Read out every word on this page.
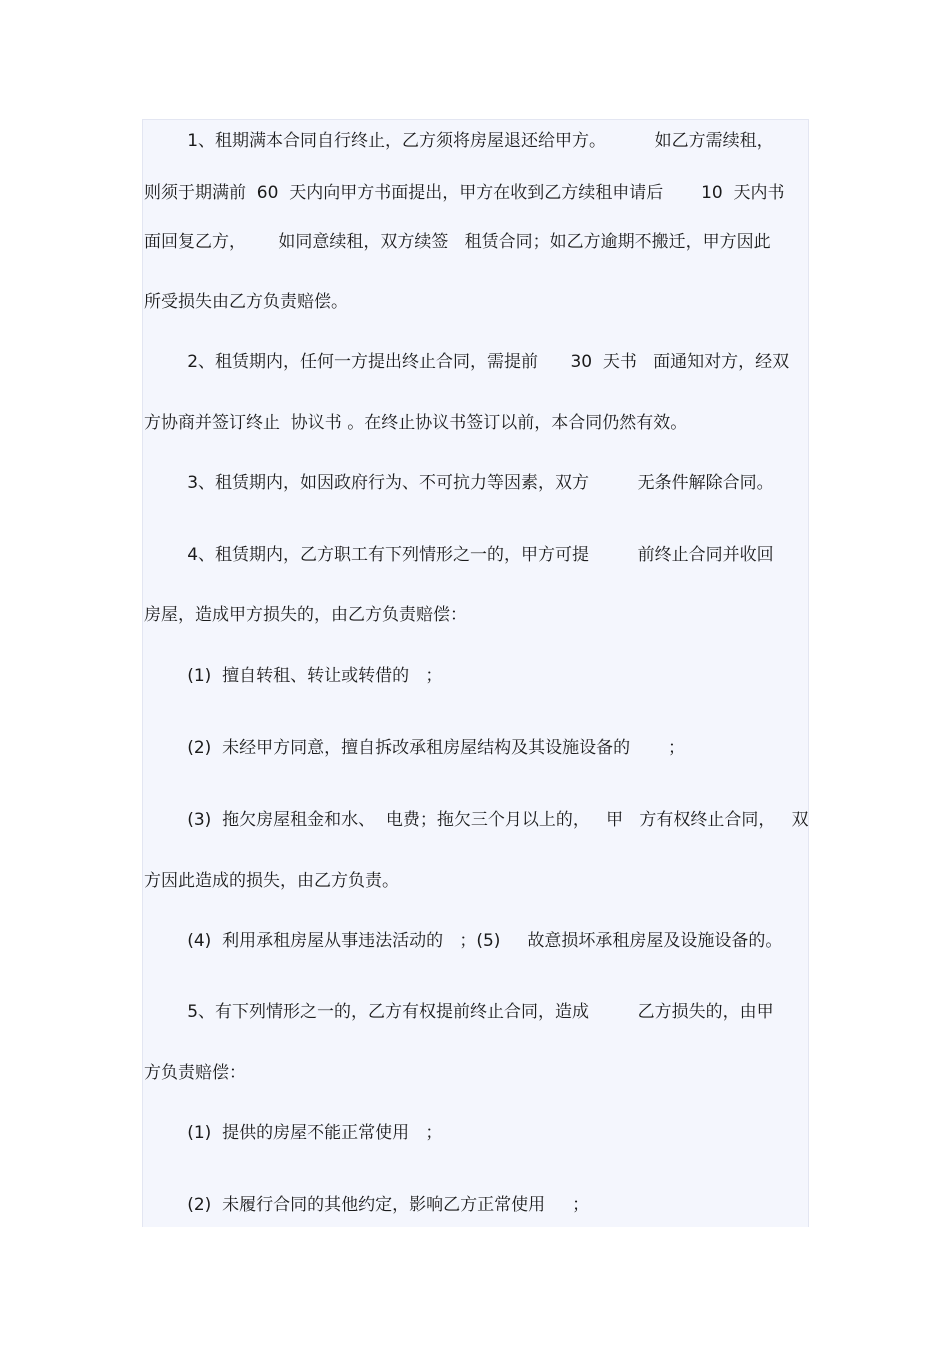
1、租期满本合同自行终止，乙方须将房屋退还给甲方。         如乙方需续租，
则须于期满前  60  天内向甲方书面提出，甲方在收到乙方续租申请后       10  天内书
面回复乙方，      如同意续租，双方续签   租赁合同；如乙方逾期不搬迁，甲方因此
所受损失由乙方负责赔偿。
2、租赁期内，任何一方提出终止合同，需提前      30  天书   面通知对方，经双
方协商并签订终止  协议书 。在终止协议书签订以前，本合同仍然有效。
3、租赁期内，如因政府行为、不可抗力等因素，双方         无条件解除合同。
4、租赁期内，乙方职工有下列情形之一的，甲方可提         前终止合同并收回
房屋，造成甲方损失的，由乙方负责赔偿：
(1)  擅自转租、转让或转借的   ；
(2)  未经甲方同意，擅自拆改承租房屋结构及其设施设备的       ；
(3)  拖欠房屋租金和水、  电费；拖欠三个月以上的，   甲   方有权终止合同，   双
方因此造成的损失，由乙方负责。
(4)  利用承租房屋从事违法活动的   ；(5)     故意损坏承租房屋及设施设备的。
5、有下列情形之一的，乙方有权提前终止合同，造成         乙方损失的，由甲
方负责赔偿：
(1)  提供的房屋不能正常使用   ；
(2)  未履行合同的其他约定，影响乙方正常使用     ；
